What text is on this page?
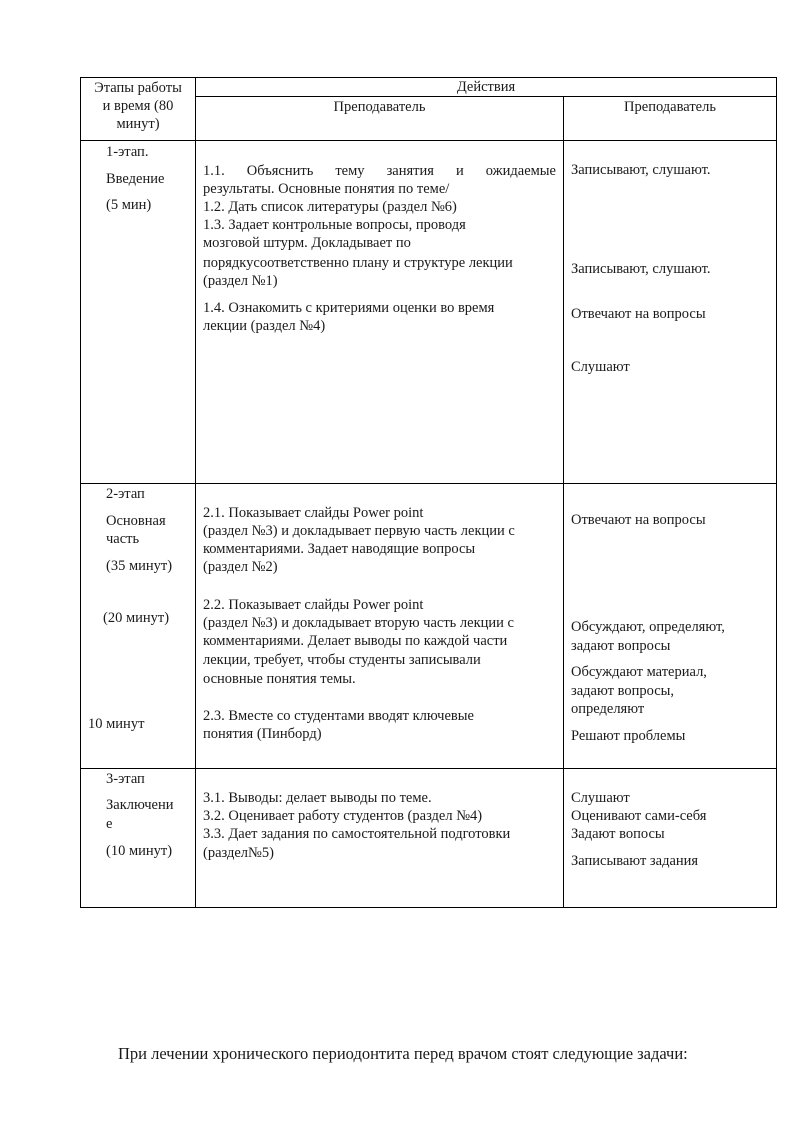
Этапы работы
и время (80
минут)
Действия
Преподаватель	Преподаватель
1-этап.
Введение
(5 мин)
1.1. Объяснить тему занятия и ожидаемые
результаты. Основные понятия по теме/
1.2. Дать список литературы (раздел №6)
1.3. Задает контрольные вопросы, проводя
мозговой штурм. Докладывает по
порядкусоответственно плану и структуре лекции
(раздел №1)
1.4. Ознакомить с критериями оценки во время
лекции (раздел №4)
Записывают, слушают.
Записывают, слушают.
Отвечают на вопросы
Слушают
2-этап
Основная
часть
(35 минут)
(20 минут)
10 минут
2.1. Показывает слайды Power point
(раздел №3) и докладывает первую часть лекции с
комментариями. Задает наводящие вопросы
(раздел №2)
2.2. Показывает слайды Power point
(раздел №3) и докладывает вторую часть лекции с
комментариями. Делает выводы по каждой части
лекции, требует, чтобы студенты записывали
основные понятия темы.
2.3. Вместе со студентами вводят ключевые
понятия (Пинборд)
Отвечают на вопросы
Обсуждают, определяют,
задают вопросы
Обсуждают материал,
задают вопросы,
определяют
Решают проблемы
3-этап
Заключени
е
(10 минут)
3.1. Выводы: делает выводы по теме.
3.2. Оценивает работу студентов (раздел №4)
3.3. Дает задания по самостоятельной подготовки
(раздел№5)
Слушают
Оценивают сами-себя
Задают вопосы
Записывают задания
При лечении хронического периодонтита перед врачом стоят следующие задачи:
